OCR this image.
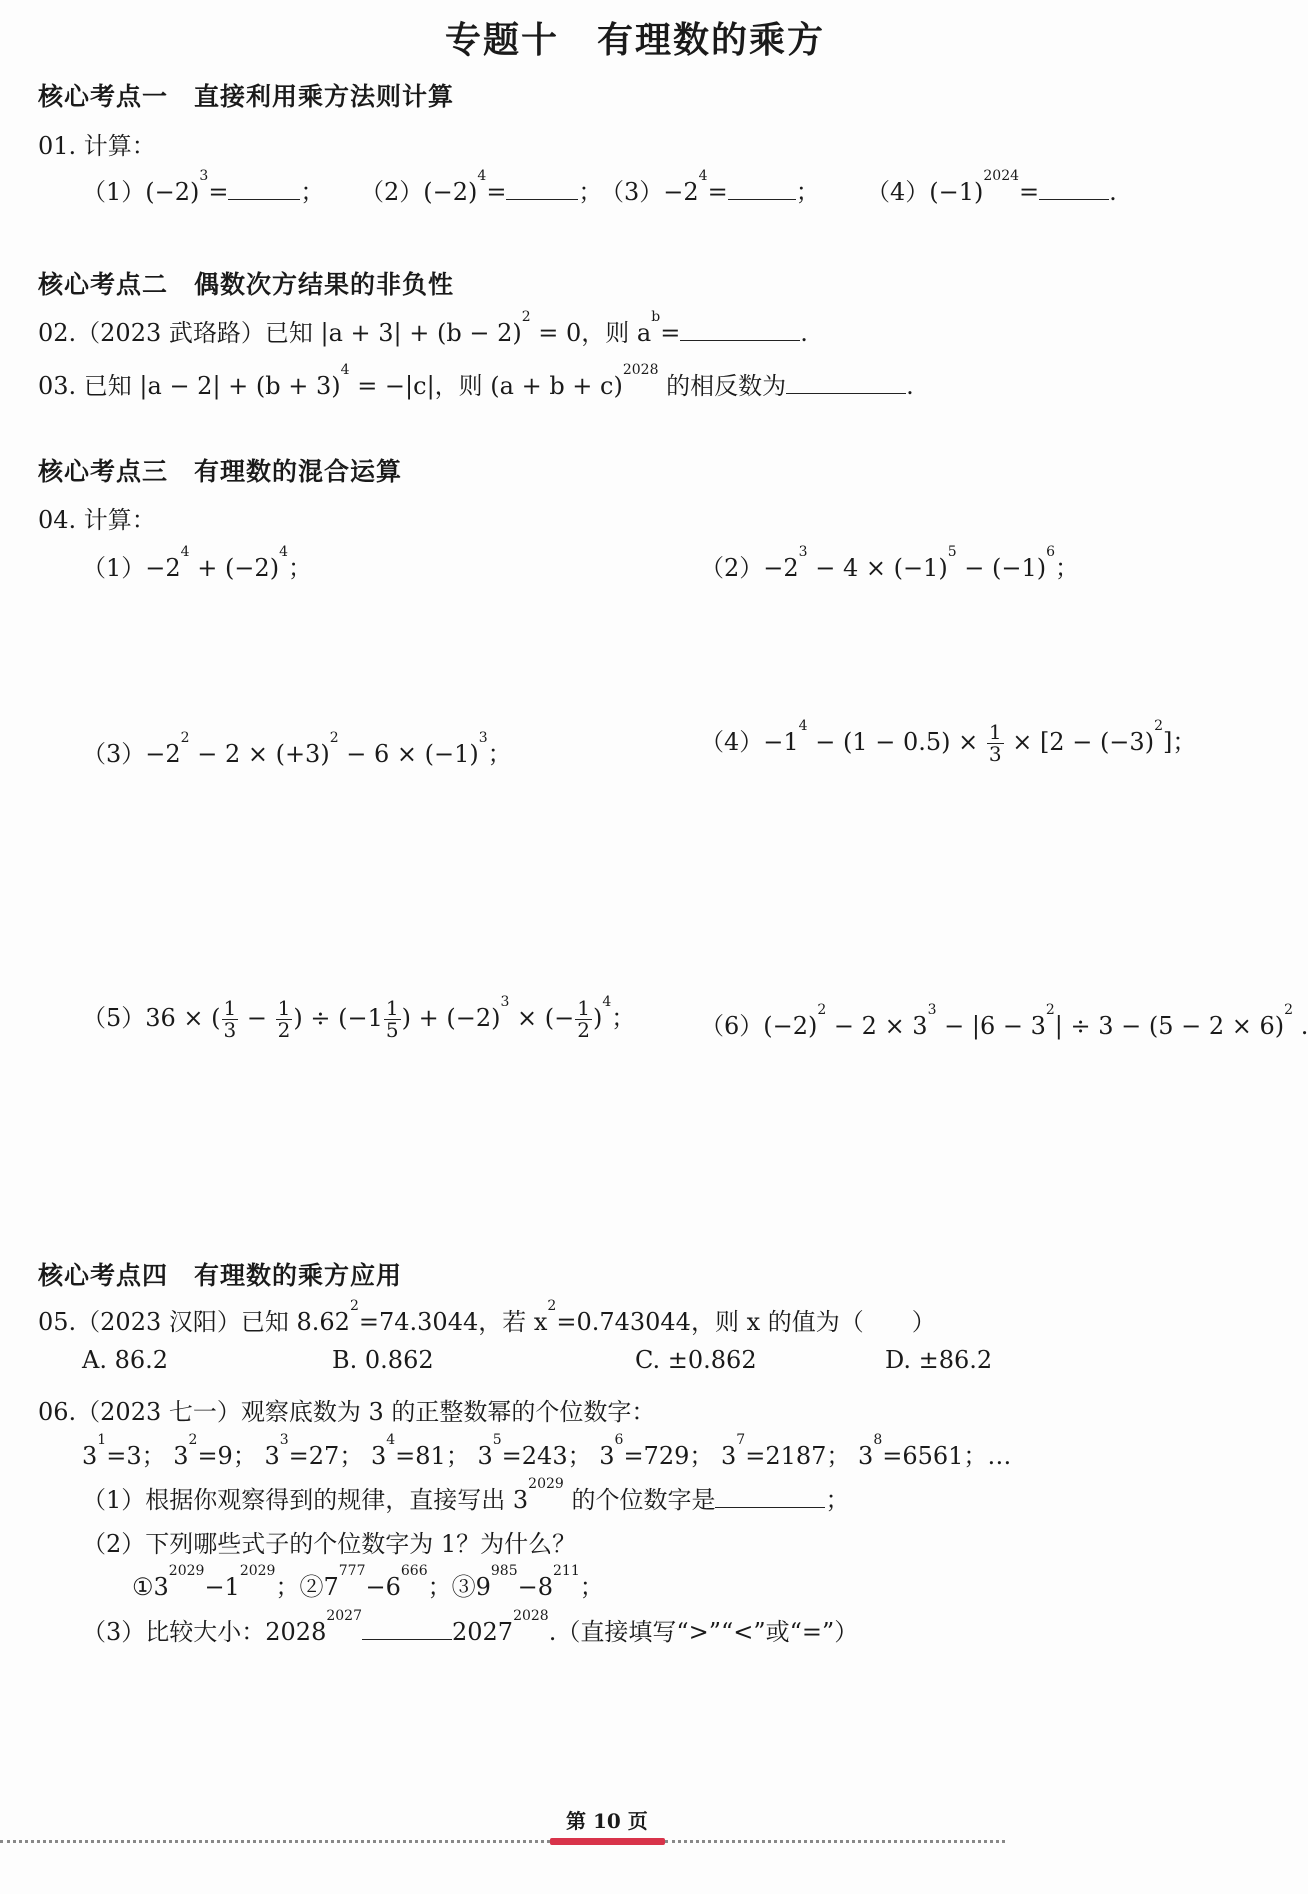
专题十　有理数的乘方
核心考点一　直接利用乘方法则计算
01. 计算：
$(1)(-2)^3=$	； $(2)(-2)^4=$	；
$(3)-2^4=$	； $(4)(-1)^{2024}=$	.
核心考点二　偶数次方结果的非负性
02.（2023 武珞路）已知 $|a + 3| + (b - 2)^2 = 0$，则 $a^b=$	.
03. 已知 $|a - 2| + (b + 3)^4 = -|c|$，则 $(a + b + c)^{2028}$ 的相反数为	.
核心考点三　有理数的混合运算
04. 计算：
$(1)-2^4 + (-2)^4$；	$(2)-2^3 - 4 \times (-1)^5 - (-1)^6$；
$(3)-2^2 - 2 \times (+3)^2 - 6 \times (-1)^3$；	$(4)-1^4 - (1 - 0.5) \times \frac{1}{3} \times [2 - (-3)^2]$；
（5）36 × ( $\frac{1}{3} - \frac{1}{2}$ ) ÷ ($-1 \frac{1}{5}$ ) + $(-2)^3$ × (− $\frac{1}{2} )^4$；	$(6)(-2)^2 - 2 \times 3^3 - |6 - 3^2| \div 3 - (5 - 2 \times 6)^2$ .
核心考点四　有理数的乘方应用
05.（2023 汉阳）已知 $8.62^2=74.3044$，若 $x^2=0.743044$，则 x 的值为（　　）
A. 86.2	B. 0.862	C. ±0.862	D. ±86.2
06.（2023 七一）观察底数为 3 的正整数幂的个位数字：
$3^1=3$； $3^2=9$； $3^3=27$； $3^4=81$； $3^5=243$； $3^6=729$； $3^7=2187$； $3^8=6561$；…
（1）根据你观察得到的规律，直接写出 $3^{2029}$ 的个位数字是	；
（2）下列哪些式子的个位数字为 1？为什么？
$①3^{2029}-1^{2029}$；$②7^{777}-6^{666}$；$③9^{985}-8^{211}$；
（3）比较大小：$2028^{2027}2027^{2028}$.（直接填写“>”“<”或“=”）
第 10 页
